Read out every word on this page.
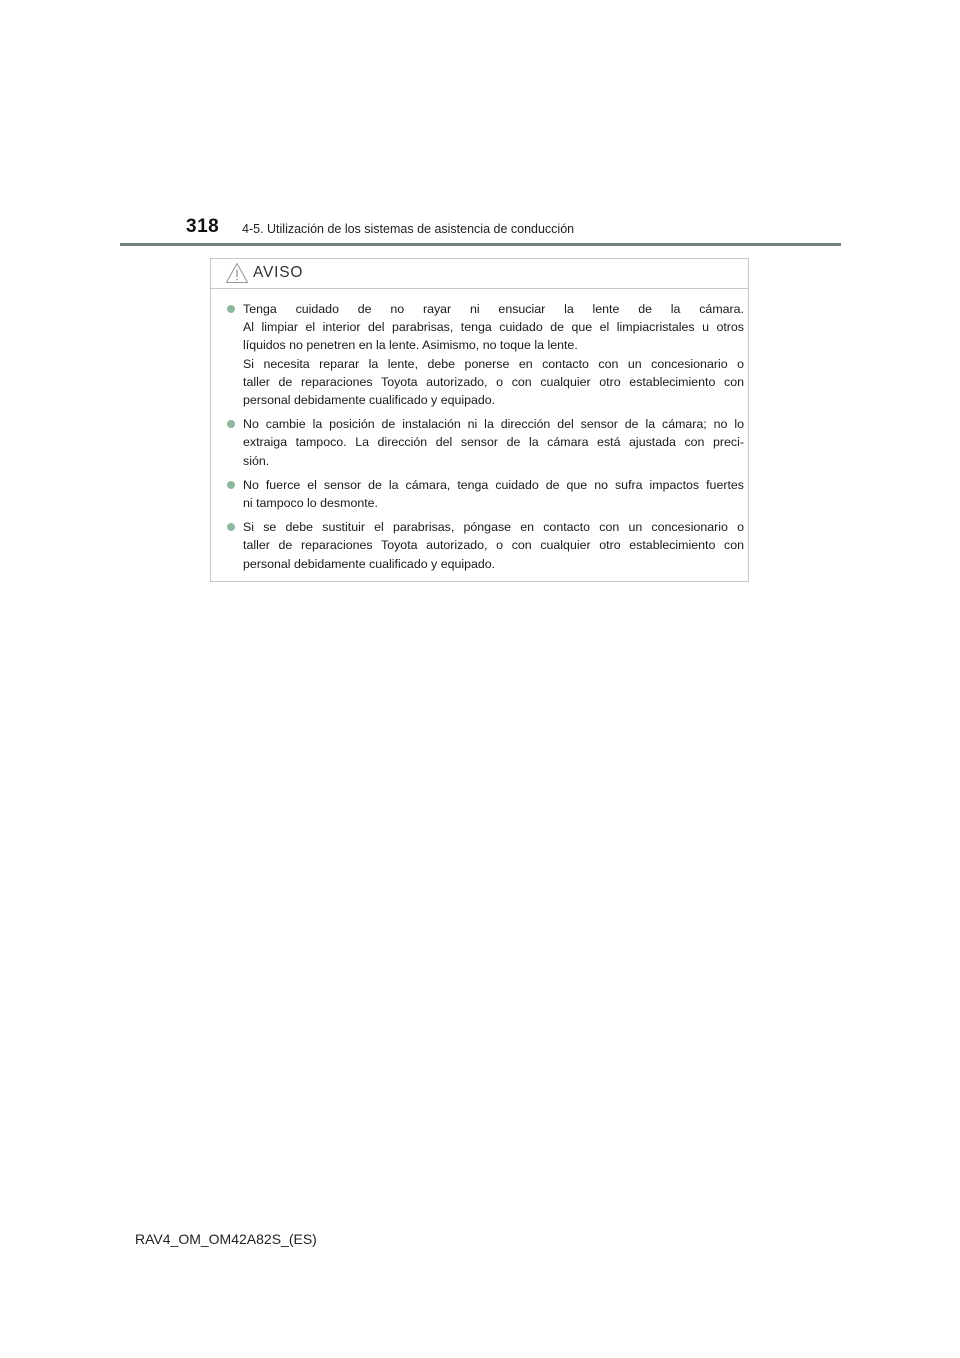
318 4-5. Utilización de los sistemas de asistencia de conducción
AVISO
Tenga cuidado de no rayar ni ensuciar la lente de la cámara.
Al limpiar el interior del parabrisas, tenga cuidado de que el limpiacristales u otros
líquidos no penetren en la lente. Asimismo, no toque la lente.
Si necesita reparar la lente, debe ponerse en contacto con un concesionario o
taller de reparaciones Toyota autorizado, o con cualquier otro establecimiento con
personal debidamente cualificado y equipado.
No cambie la posición de instalación ni la dirección del sensor de la cámara; no lo
extraiga tampoco. La dirección del sensor de la cámara está ajustada con preci-
sión.
No fuerce el sensor de la cámara, tenga cuidado de que no sufra impactos fuertes
ni tampoco lo desmonte.
Si se debe sustituir el parabrisas, póngase en contacto con un concesionario o
taller de reparaciones Toyota autorizado, o con cualquier otro establecimiento con
personal debidamente cualificado y equipado.
RAV4_OM_OM42A82S_(ES)
